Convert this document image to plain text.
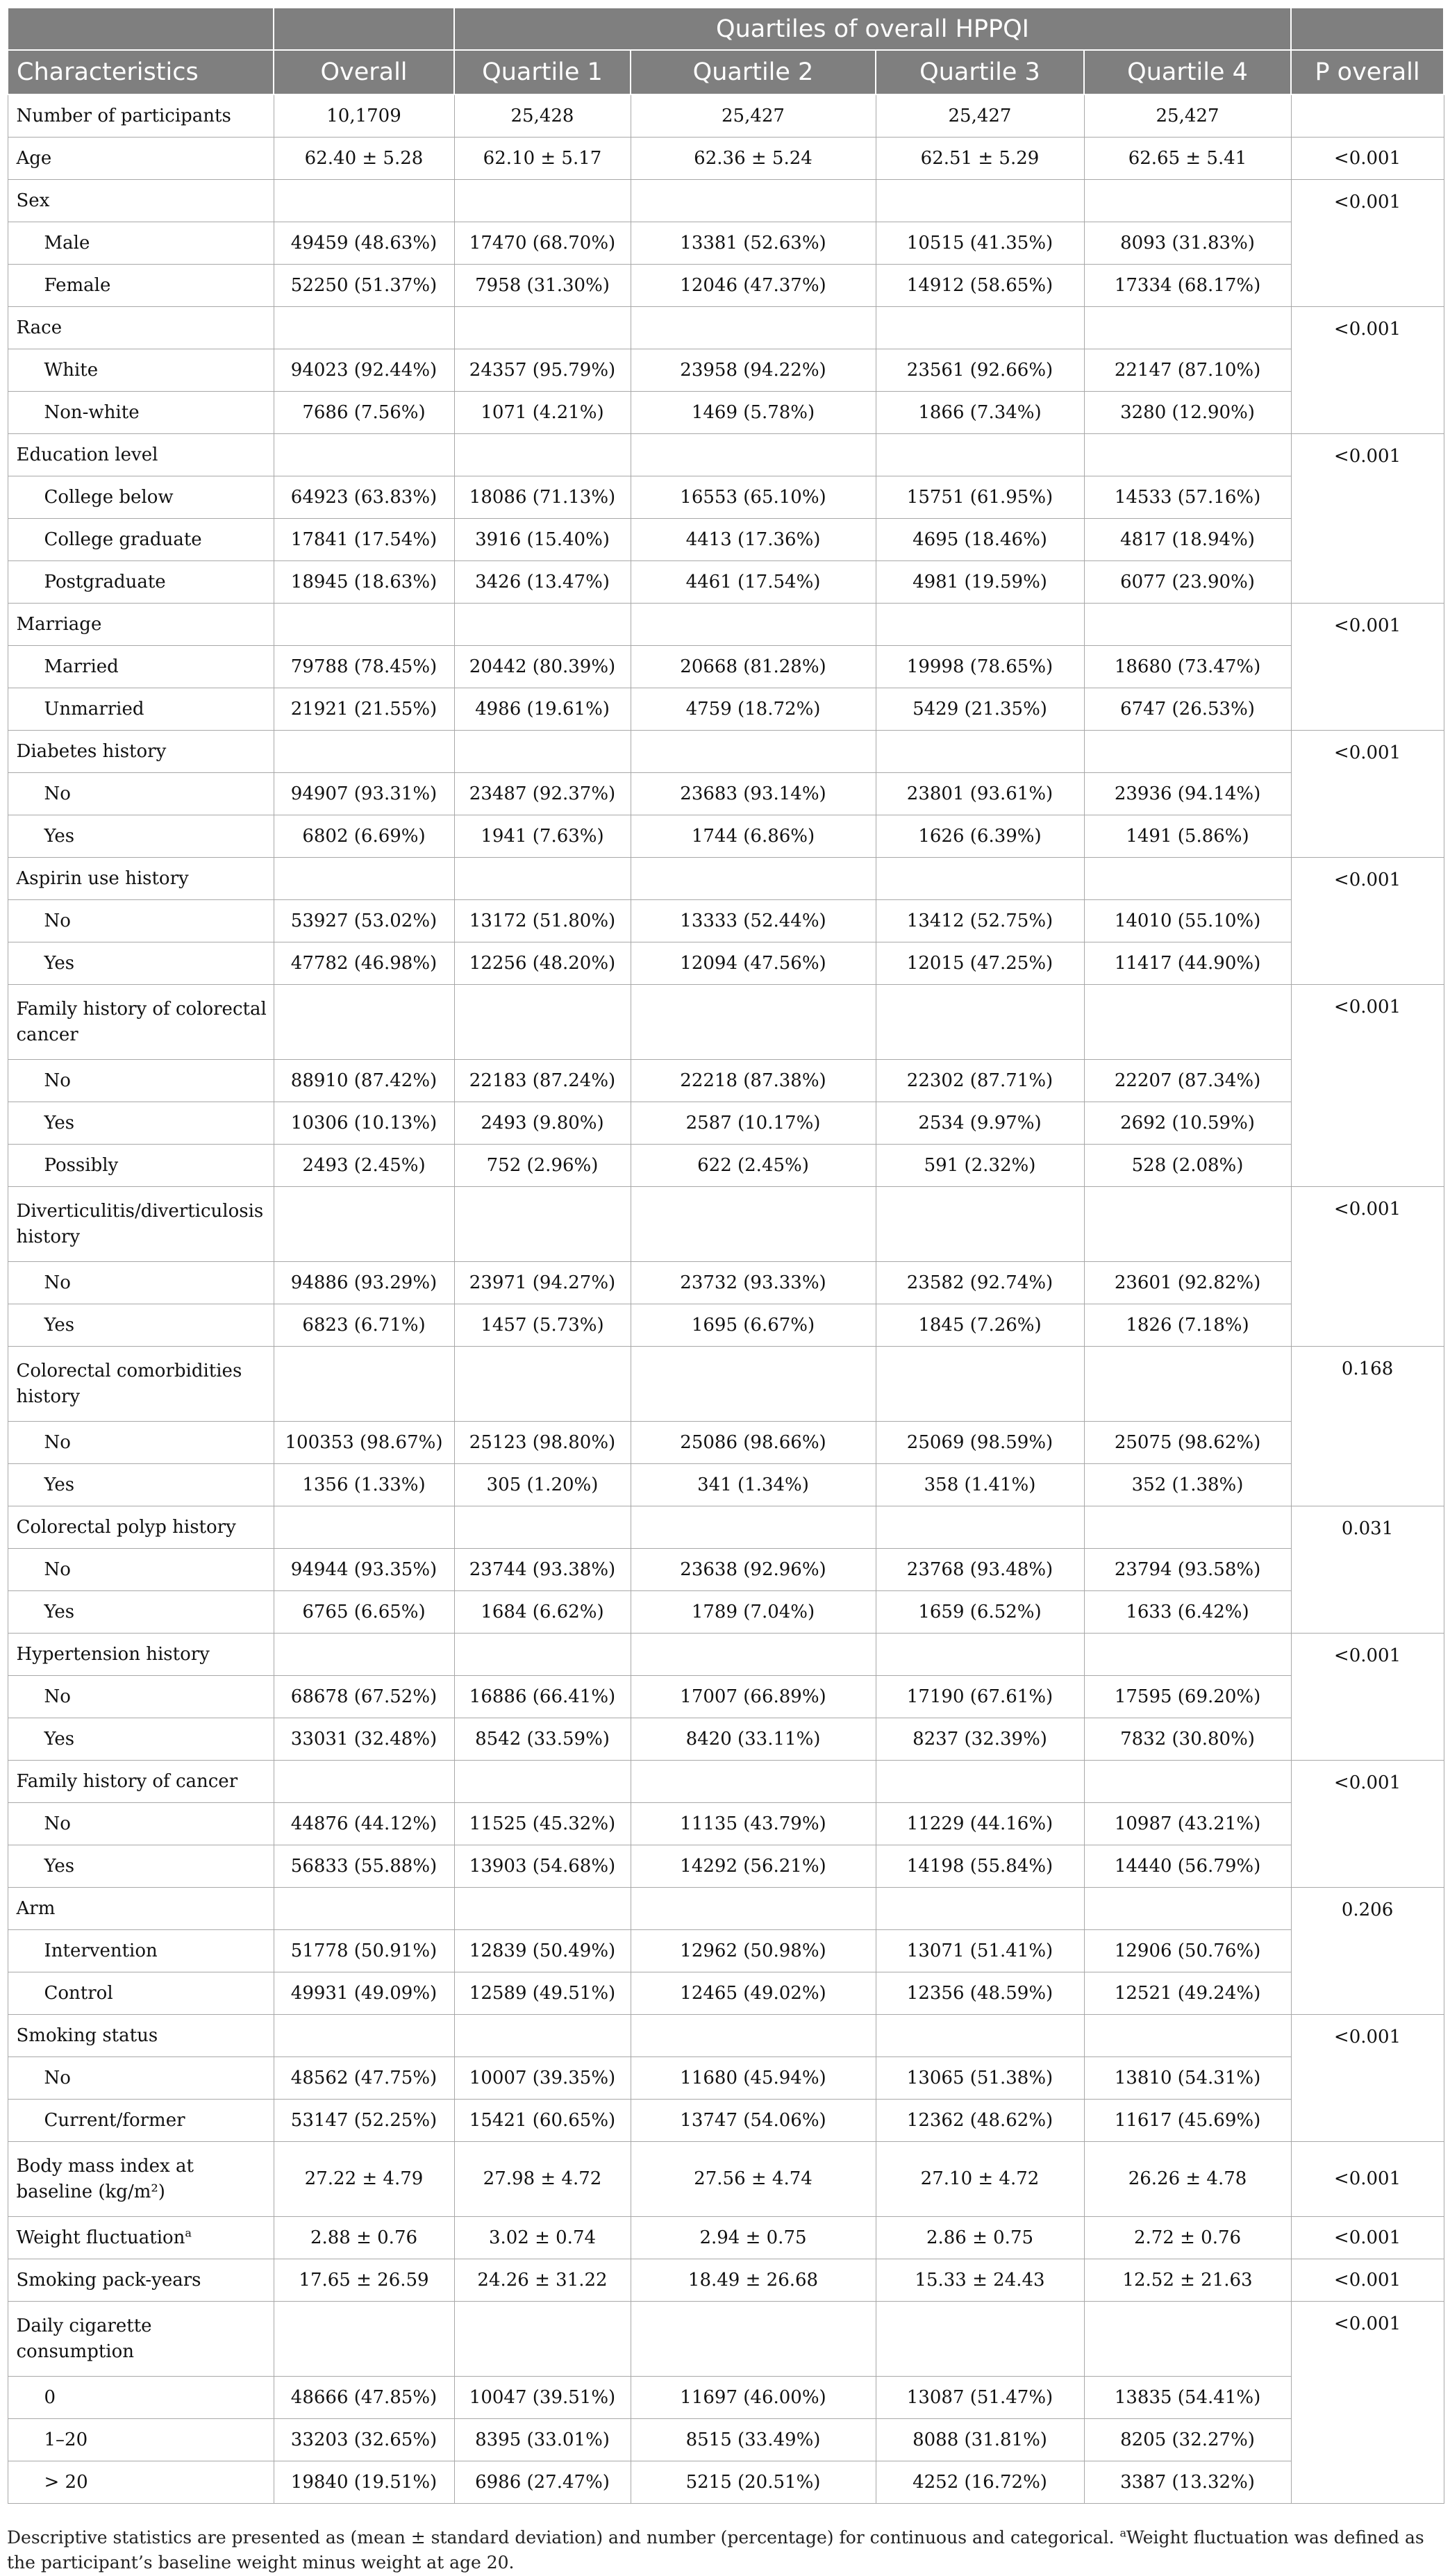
		Quartiles of overall HPPQI				
Characteristics	Overall	Quartile 1	Quartile 2	Quartile 3	Quartile 4	P overall
Number of participants	10,1709	25,428	25,427	25,427	25,427	
Age	62.40 ± 5.28	62.10 ± 5.17	62.36 ± 5.24	62.51 ± 5.29	62.65 ± 5.41	<0.001
Sex						<0.001
Male	49459 (48.63%)	17470 (68.70%)	13381 (52.63%)	10515 (41.35%)	8093 (31.83%)	
Female	52250 (51.37%)	7958 (31.30%)	12046 (47.37%)	14912 (58.65%)	17334 (68.17%)	
Race						<0.001
White	94023 (92.44%)	24357 (95.79%)	23958 (94.22%)	23561 (92.66%)	22147 (87.10%)	
Non-white	7686 (7.56%)	1071 (4.21%)	1469 (5.78%)	1866 (7.34%)	3280 (12.90%)	
Education level						<0.001
College below	64923 (63.83%)	18086 (71.13%)	16553 (65.10%)	15751 (61.95%)	14533 (57.16%)	
College graduate	17841 (17.54%)	3916 (15.40%)	4413 (17.36%)	4695 (18.46%)	4817 (18.94%)	
Postgraduate	18945 (18.63%)	3426 (13.47%)	4461 (17.54%)	4981 (19.59%)	6077 (23.90%)	
Marriage						<0.001
Married	79788 (78.45%)	20442 (80.39%)	20668 (81.28%)	19998 (78.65%)	18680 (73.47%)	
Unmarried	21921 (21.55%)	4986 (19.61%)	4759 (18.72%)	5429 (21.35%)	6747 (26.53%)	
Diabetes history						<0.001
No	94907 (93.31%)	23487 (92.37%)	23683 (93.14%)	23801 (93.61%)	23936 (94.14%)	
Yes	6802 (6.69%)	1941 (7.63%)	1744 (6.86%)	1626 (6.39%)	1491 (5.86%)	
Aspirin use history						<0.001
No	53927 (53.02%)	13172 (51.80%)	13333 (52.44%)	13412 (52.75%)	14010 (55.10%)	
Yes	47782 (46.98%)	12256 (48.20%)	12094 (47.56%)	12015 (47.25%)	11417 (44.90%)	
Family history of colorectal cancer						<0.001
No	88910 (87.42%)	22183 (87.24%)	22218 (87.38%)	22302 (87.71%)	22207 (87.34%)	
Yes	10306 (10.13%)	2493 (9.80%)	2587 (10.17%)	2534 (9.97%)	2692 (10.59%)	
Possibly	2493 (2.45%)	752 (2.96%)	622 (2.45%)	591 (2.32%)	528 (2.08%)	
Diverticulitis/diverticulosis history						<0.001
No	94886 (93.29%)	23971 (94.27%)	23732 (93.33%)	23582 (92.74%)	23601 (92.82%)	
Yes	6823 (6.71%)	1457 (5.73%)	1695 (6.67%)	1845 (7.26%)	1826 (7.18%)	
Colorectal comorbidities history						0.168
No	100353 (98.67%)	25123 (98.80%)	25086 (98.66%)	25069 (98.59%)	25075 (98.62%)	
Yes	1356 (1.33%)	305 (1.20%)	341 (1.34%)	358 (1.41%)	352 (1.38%)	
Colorectal polyp history						0.031
No	94944 (93.35%)	23744 (93.38%)	23638 (92.96%)	23768 (93.48%)	23794 (93.58%)	
Yes	6765 (6.65%)	1684 (6.62%)	1789 (7.04%)	1659 (6.52%)	1633 (6.42%)	
Hypertension history						<0.001
No	68678 (67.52%)	16886 (66.41%)	17007 (66.89%)	17190 (67.61%)	17595 (69.20%)	
Yes	33031 (32.48%)	8542 (33.59%)	8420 (33.11%)	8237 (32.39%)	7832 (30.80%)	
Family history of cancer						<0.001
No	44876 (44.12%)	11525 (45.32%)	11135 (43.79%)	11229 (44.16%)	10987 (43.21%)	
Yes	56833 (55.88%)	13903 (54.68%)	14292 (56.21%)	14198 (55.84%)	14440 (56.79%)	
Arm						0.206
Intervention	51778 (50.91%)	12839 (50.49%)	12962 (50.98%)	13071 (51.41%)	12906 (50.76%)	
Control	49931 (49.09%)	12589 (49.51%)	12465 (49.02%)	12356 (48.59%)	12521 (49.24%)	
Smoking status						<0.001
No	48562 (47.75%)	10007 (39.35%)	11680 (45.94%)	13065 (51.38%)	13810 (54.31%)	
Current/former	53147 (52.25%)	15421 (60.65%)	13747 (54.06%)	12362 (48.62%)	11617 (45.69%)	
Body mass index at baseline (kg/m²)	27.22 ± 4.79	27.98 ± 4.72	27.56 ± 4.74	27.10 ± 4.72	26.26 ± 4.78	<0.001
Weight fluctuation$^a$	2.88 ± 0.76	3.02 ± 0.74	2.94 ± 0.75	2.86 ± 0.75	2.72 ± 0.76	<0.001
Smoking pack-years	17.65 ± 26.59	24.26 ± 31.22	18.49 ± 26.68	15.33 ± 24.43	12.52 ± 21.63	<0.001
Daily cigarette consumption						<0.001
0	48666 (47.85%)	10047 (39.51%)	11697 (46.00%)	13087 (51.47%)	13835 (54.41%)	
1–20	33203 (32.65%)	8395 (33.01%)	8515 (33.49%)	8088 (31.81%)	8205 (32.27%)	
> 20	19840 (19.51%)	6986 (27.47%)	5215 (20.51%)	4252 (16.72%)	3387 (13.32%)	
Descriptive statistics are presented as (mean ± standard deviation) and number (percentage) for continuous and categorical. $^a$Weight fluctuation was defined as the participant’s baseline weight minus weight at age 20.
